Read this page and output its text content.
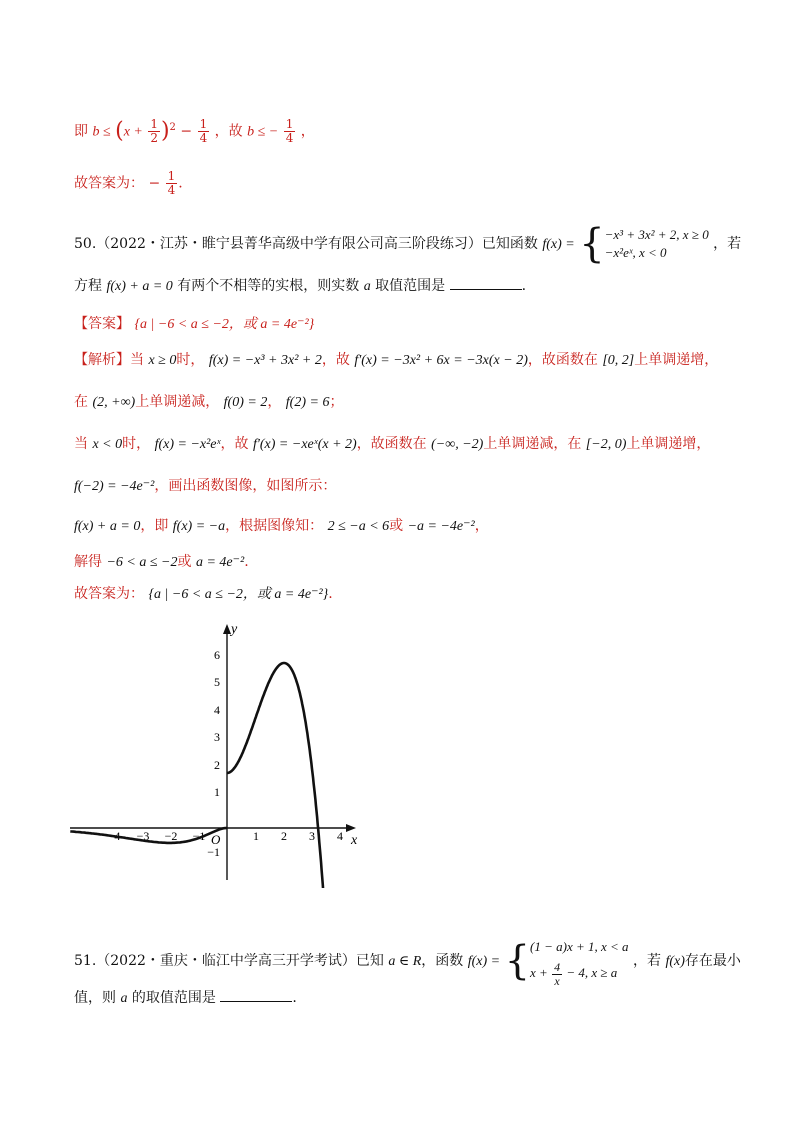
即 $b \le (x + \frac{1}{2} )^2 - \frac{1}{4}$ ，故 b ≤ − $\frac{1}{4}$ ，
故答案为： − $\frac{1}{4}$ .
50.（2022・江苏・睢宁县菁华高级中学有限公司高三阶段练习）已知函数 f(x) = { −x³ + 3x² + 2, x ≥ 0
−x²eˣ, x < 0
，若
方程 f(x) + a = 0 有两个不相等的实根，则实数 a 取值范围是	.
【答案】 {a | −6 < a ≤ −2，或 a = 4e⁻²}
【解析】当 x ≥ 0时， f(x) = −x³ + 3x² + 2，故 f′(x) = −3x² + 6x = −3x(x − 2)，故函数在 [0, 2]上单调递增，
在 (2, +∞)上单调递减， f(0) = 2， f(2) = 6；
当 x < 0时， f(x) = −x²eˣ，故 f′(x) = −xeˣ(x + 2)，故函数在 (−∞, −2)上单调递减，在 [−2, 0)上单调递增，
f(−2) = −4e⁻²，画出函数图像，如图所示：
f(x) + a = 0，即 f(x) = −a，根据图像知： 2 ≤ −a < 6或 −a = −4e⁻²，
解得 −6 < a ≤ −2或 a = 4e⁻².
故答案为： {a | −6 < a ≤ −2，或 a = 4e⁻²}.
y
x
O
6
5
4
3
2
1
−1
−4 −3 −2 −1	1 2 3 4
51.（2022・重庆・临江中学高三开学考试）已知 a ∈ R，函数 f(x) = { (1 − a)x + 1, x < a
$x + \frac{4}{x} - 4$, x ≥ a
，若 f(x)存在最小
值，则 a 的取值范围是	.
